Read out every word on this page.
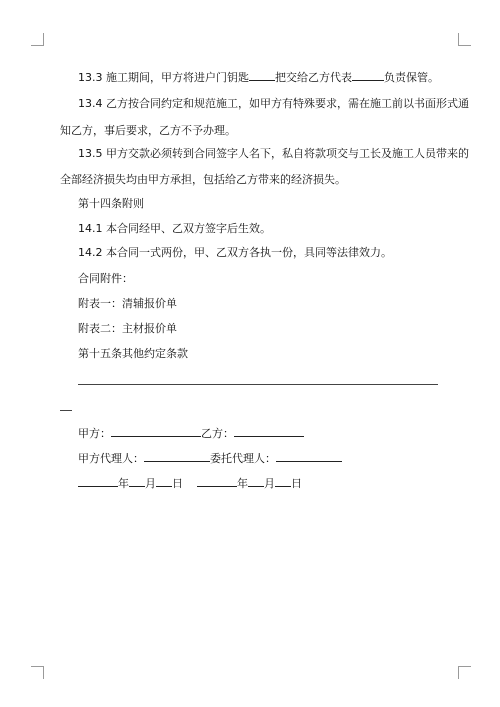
13.3 施工期间，甲方将进户门钥匙 把交给乙方代表	负责保管。
13.4 乙方按合同约定和规范施工，如甲方有特殊要求，需在施工前以书面形式通
知乙方，事后要求，乙方不予办理。
13.5 甲方交款必须转到合同签字人名下，私自将款项交与工长及施工人员带来的
全部经济损失均由甲方承担，包括给乙方带来的经济损失。
第十四条附则
14.1 本合同经甲、乙双方签字后生效。
14.2 本合同一式两份，甲、乙双方各执一份，具同等法律效力。
合同附件：
附表一：清辅报价单
附表二：主材报价单
第十五条其他约定条款
甲方：	乙方：
甲方代理人：	委托代理人：
年 月 日	年 月 日
